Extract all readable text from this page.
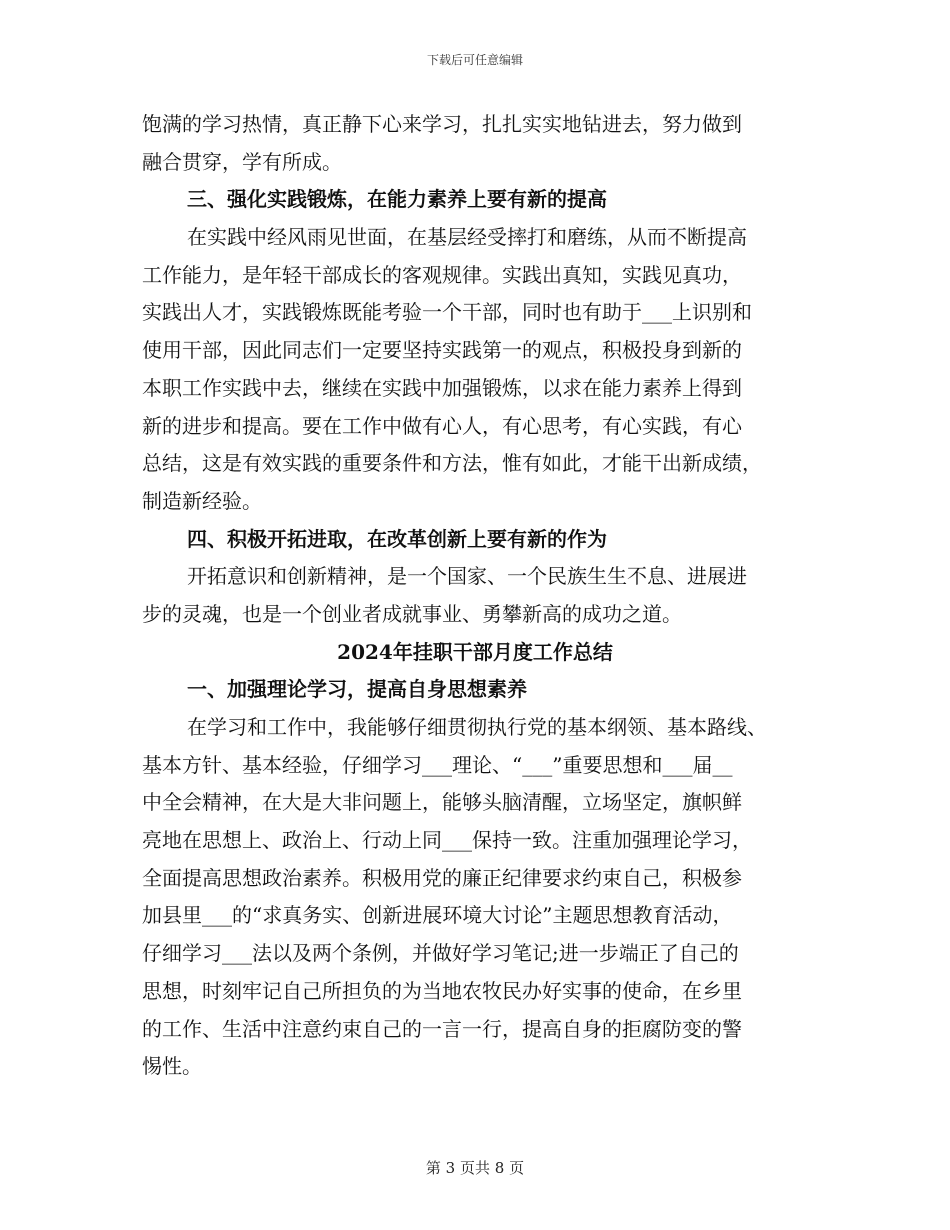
下载后可任意编辑
饱满的学习热情，真正静下心来学习，扎扎实实地钻进去，努力做到
融合贯穿，学有所成。
三、强化实践锻炼，在能力素养上要有新的提高
在实践中经风雨见世面，在基层经受摔打和磨练，从而不断提高
工作能力，是年轻干部成长的客观规律。实践出真知，实践见真功，
实践出人才，实践锻炼既能考验一个干部，同时也有助于___上识别和
使用干部，因此同志们一定要坚持实践第一的观点，积极投身到新的
本职工作实践中去，继续在实践中加强锻炼，以求在能力素养上得到
新的进步和提高。要在工作中做有心人，有心思考，有心实践，有心
总结，这是有效实践的重要条件和方法，惟有如此，才能干出新成绩，
制造新经验。
四、积极开拓进取，在改革创新上要有新的作为
开拓意识和创新精神，是一个国家、一个民族生生不息、进展进
步的灵魂，也是一个创业者成就事业、勇攀新高的成功之道。
2024年挂职干部月度工作总结
一、加强理论学习，提高自身思想素养
在学习和工作中，我能够仔细贯彻执行党的基本纲领、基本路线、
基本方针、基本经验，仔细学习___理论、“___”重要思想和___届__
中全会精神，在大是大非问题上，能够头脑清醒，立场坚定，旗帜鲜
亮地在思想上、政治上、行动上同___保持一致。注重加强理论学习，
全面提高思想政治素养。积极用党的廉正纪律要求约束自己，积极参
加县里___的“求真务实、创新进展环境大讨论”主题思想教育活动，
仔细学习___法以及两个条例，并做好学习笔记;进一步端正了自己的
思想，时刻牢记自己所担负的为当地农牧民办好实事的使命，在乡里
的工作、生活中注意约束自己的一言一行，提高自身的拒腐防变的警
惕性。
第 3 页共 8 页
